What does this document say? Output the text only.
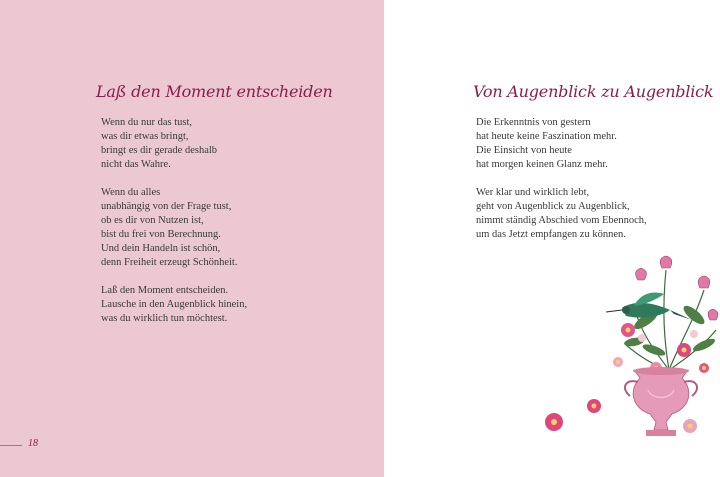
Laß den Moment entscheiden
Wenn du nur das tust,
was dir etwas bringt,
bringt es dir gerade deshalb
nicht das Wahre.
Wenn du alles
unabhängig von der Frage tust,
ob es dir von Nutzen ist,
bist du frei von Berechnung.
Und dein Handeln ist schön,
denn Freiheit erzeugt Schönheit.
Laß den Moment entscheiden.
Lausche in den Augenblick hinein,
was du wirklich tun möchtest.
18
Von Augenblick zu Augenblick
Die Erkenntnis von gestern
hat heute keine Faszination mehr.
Die Einsicht von heute
hat morgen keinen Glanz mehr.
Wer klar und wirklich lebt,
geht von Augenblick zu Augenblick,
nimmt ständig Abschied vom Ebennoch,
um das Jetzt empfangen zu können.
